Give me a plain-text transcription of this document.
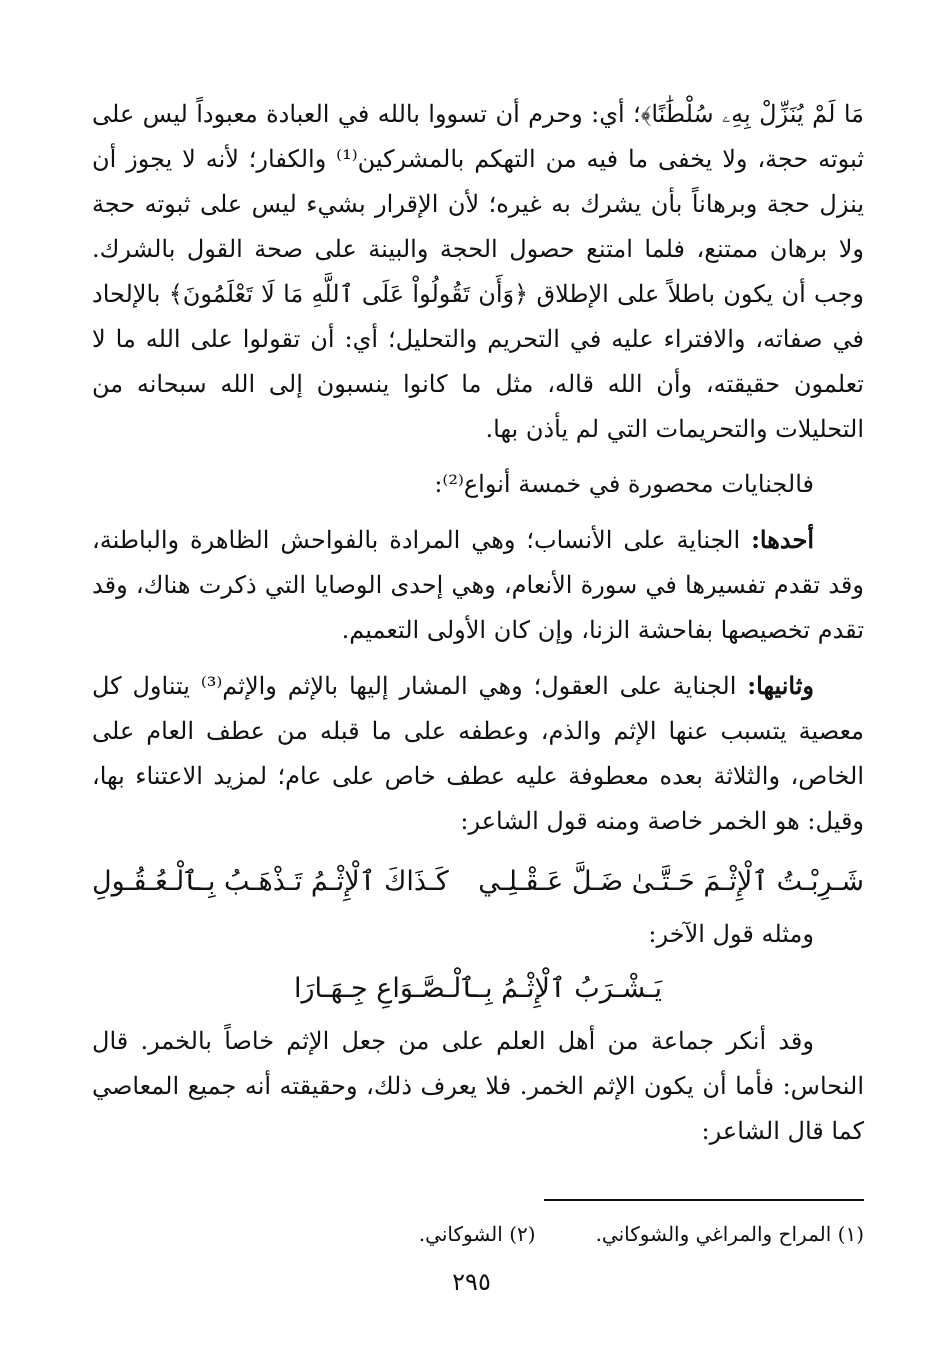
مَا لَمْ يُنَزِّلْ بِهِۦ سُلْطَٰنًا﴾؛ أي: وحرم أن تسووا بالله في العبادة معبوداً ليس على ثبوته حجة، ولا يخفى ما فيه من التهكم بالمشركين⁽¹⁾ والكفار؛ لأنه لا يجوز أن ينزل حجة وبرهاناً بأن يشرك به غيره؛ لأن الإقرار بشيء ليس على ثبوته حجة ولا برهان ممتنع، فلما امتنع حصول الحجة والبينة على صحة القول بالشرك. وجب أن يكون باطلاً على الإطلاق ﴿وَأَن تَقُولُواْ عَلَى ٱللَّهِ مَا لَا تَعْلَمُونَ﴾ بالإلحاد في صفاته، والافتراء عليه في التحريم والتحليل؛ أي: أن تقولوا على الله ما لا تعلمون حقيقته، وأن الله قاله، مثل ما كانوا ينسبون إلى الله سبحانه من التحليلات والتحريمات التي لم يأذن بها.

فالجنايات محصورة في خمسة أنواع⁽²⁾:

أحدها: الجناية على الأنساب؛ وهي المرادة بالفواحش الظاهرة والباطنة، وقد تقدم تفسيرها في سورة الأنعام، وهي إحدى الوصايا التي ذكرت هناك، وقد تقدم تخصيصها بفاحشة الزنا، وإن كان الأولى التعميم.

وثانيها: الجناية على العقول؛ وهي المشار إليها بالإثم والإثم⁽³⁾ يتناول كل معصية يتسبب عنها الإثم والذم، وعطفه على ما قبله من عطف العام على الخاص، والثلاثة بعده معطوفة عليه عطف خاص على عام؛ لمزيد الاعتناء بها، وقيل: هو الخمر خاصة ومنه قول الشاعر:

شَـرِبْـتُ ٱلْإِثْـمَ حَـتَّـىٰ ضَـلَّ عَـقْـلِـي
كَـذَاكَ ٱلْإِثْـمُ تَـذْهَـبُ بِـٱلْـعُـقُـولِ

ومثله قول الآخر:

يَـشْـرَبُ ٱلْإِثْـمُ بِـٱلْـصَّـوَاعِ جِـهَـارَا

وقد أنكر جماعة من أهل العلم على من جعل الإثم خاصاً بالخمر. قال النحاس: فأما أن يكون الإثم الخمر. فلا يعرف ذلك، وحقيقته أنه جميع المعاصي كما قال الشاعر:

(١) المراح والمراغي والشوكاني.
(٢) الشوكاني.
٢٩٥
